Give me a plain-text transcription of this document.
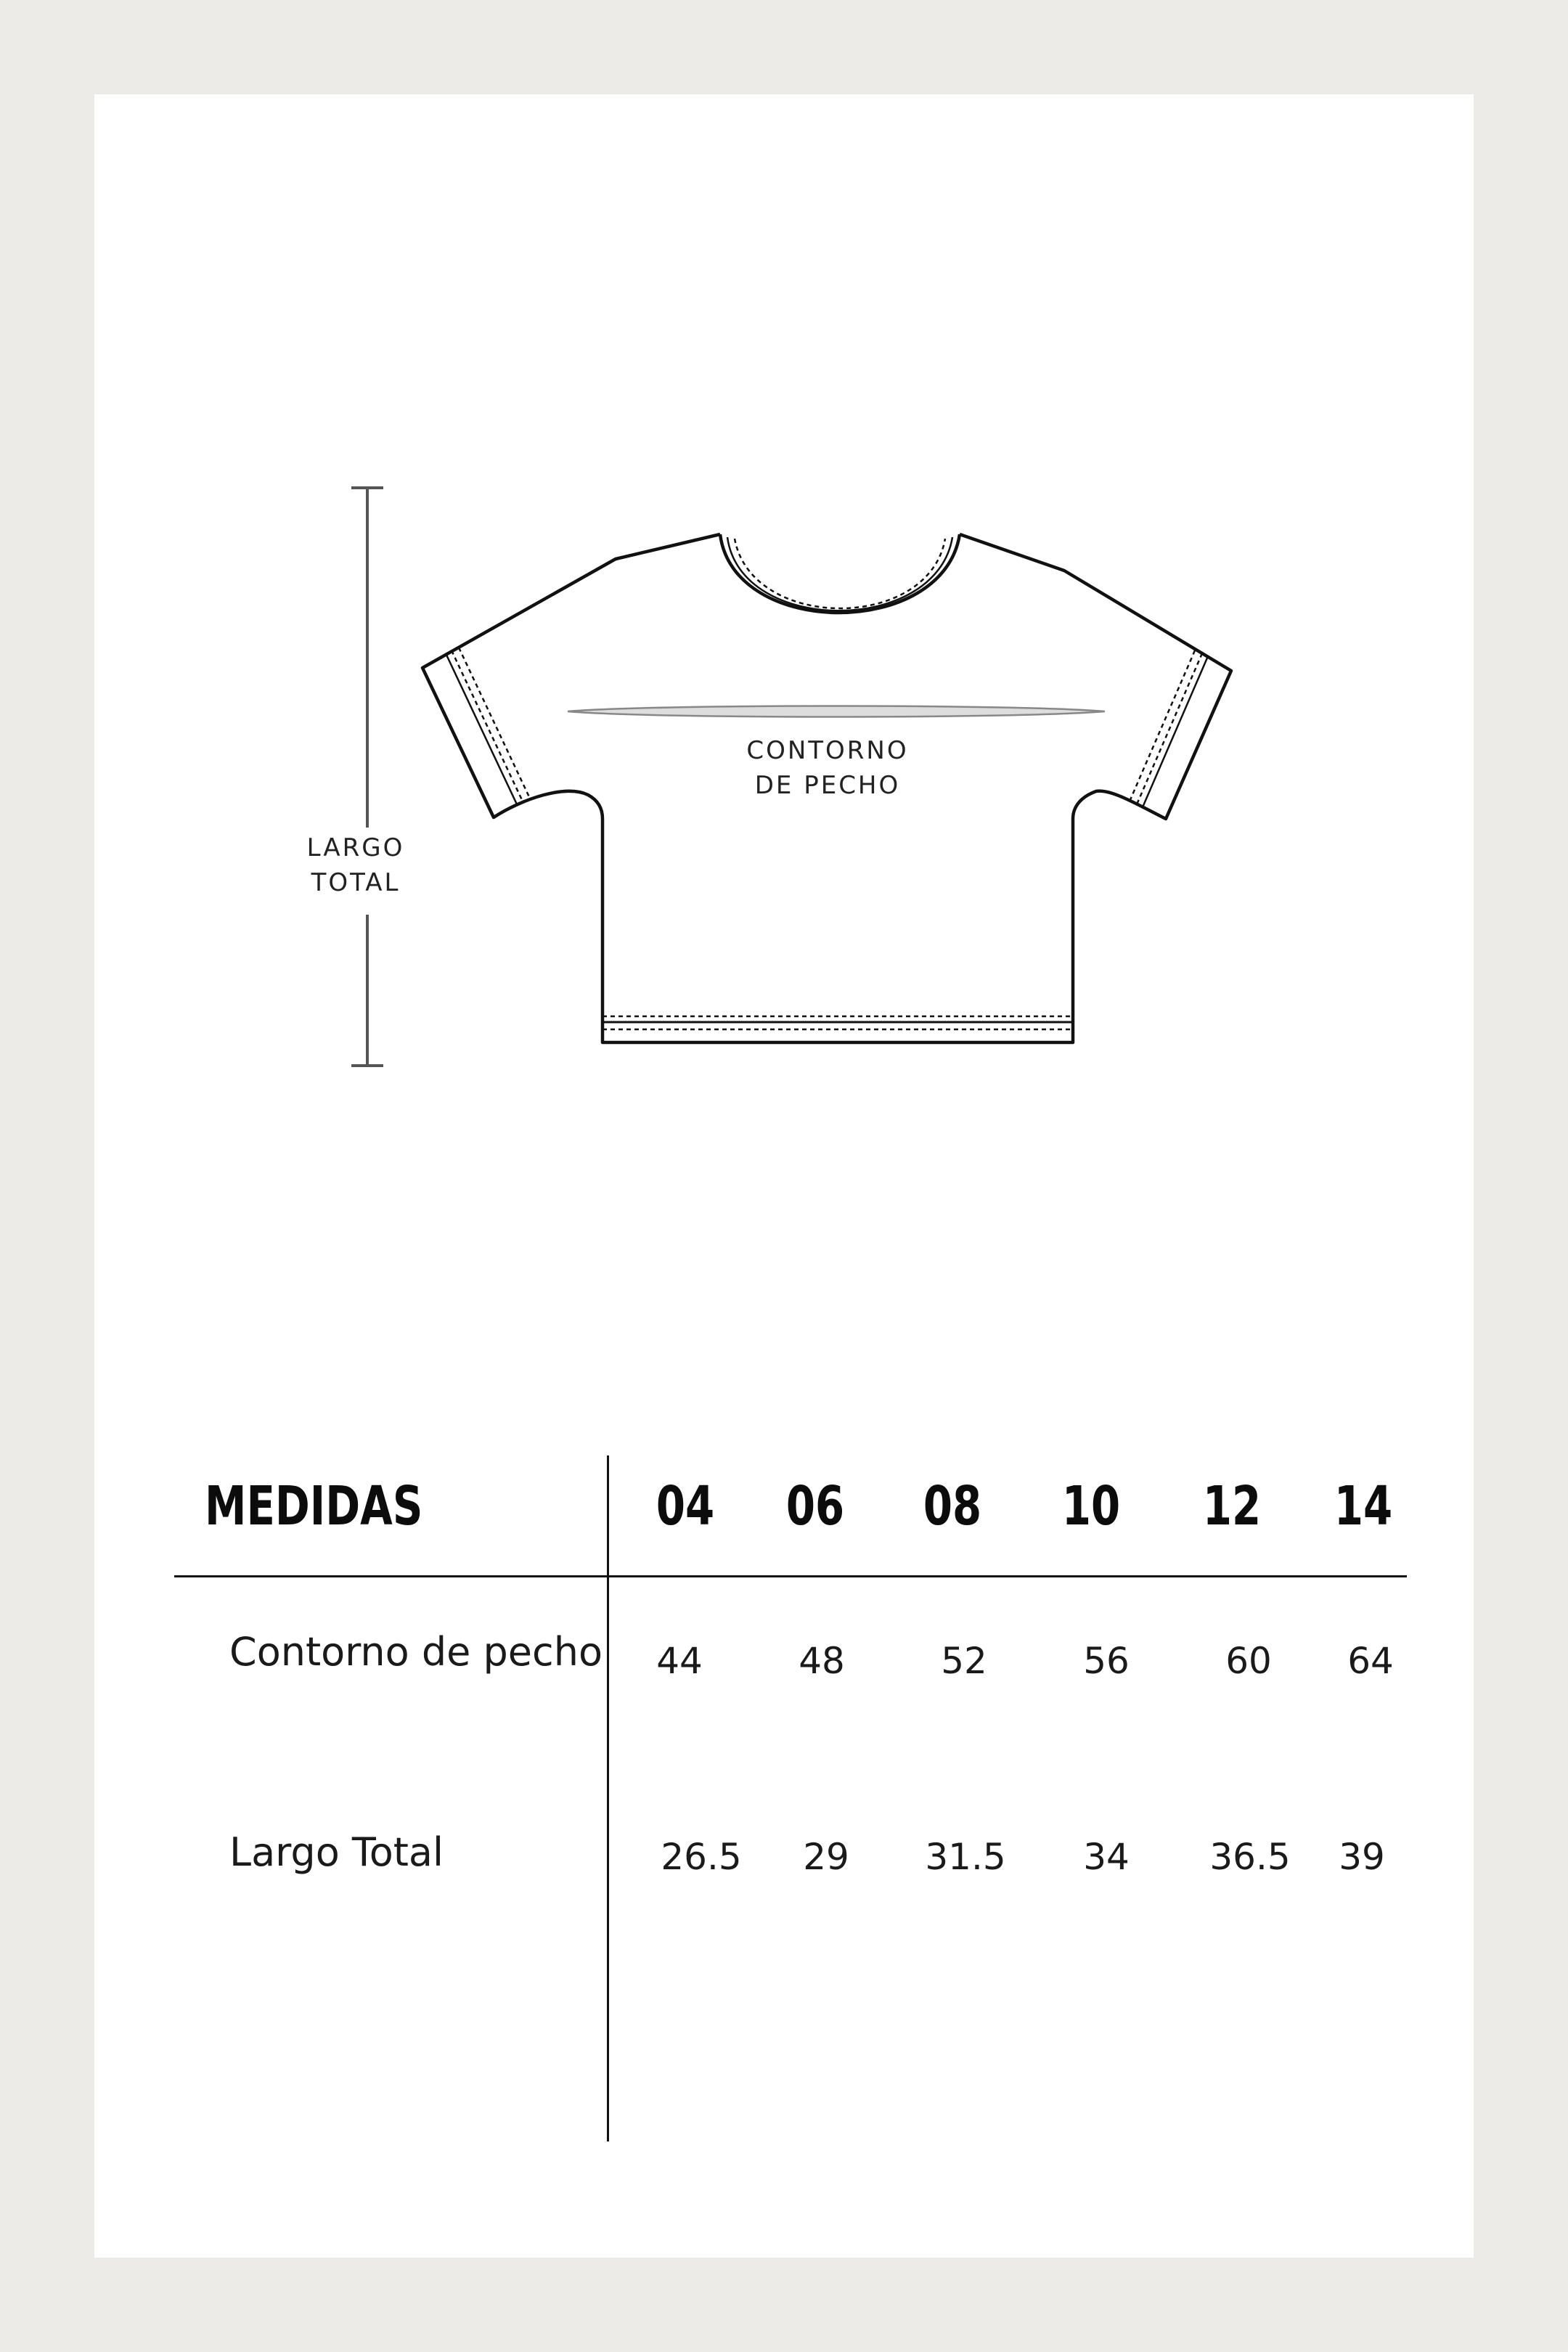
CONTORNO
DE PECHO
LARGO
TOTAL
MEDIDAS	04	06	08	10	12	14
Contorno de pecho	44	48	52	56	60	64
Largo Total	26.5	29	31.5	34	36.5	39
